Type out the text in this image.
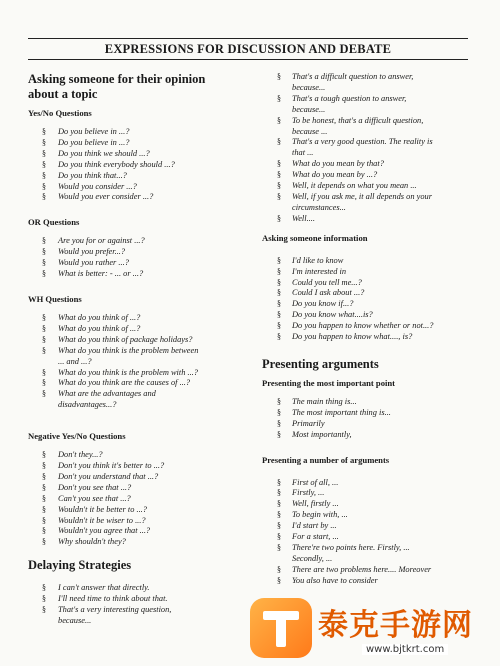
EXPRESSIONS FOR DISCUSSION AND DEBATE
Asking someone for their opinion
about a topic
Yes/No Questions
§ Do you believe in ...?
§ Do you believe in ...?
§ Do you think we should ...?
§ Do you think everybody should ...?
§ Do you think that...?
§ Would you consider ...?
§ Would you ever consider ...?
OR Questions
§ Are you for or against ...?
§ Would you prefer...?
§ Would you rather ...?
§ What is better: - ... or ...?
WH Questions
§ What do you think of ...?
§ What do you think of ...?
§ What do you think of package holidays?
§ What do you think is the problem between
... and ...?
§ What do you think is the problem with ...?
§ What do you think are the causes of ...?
§ What are the advantages and
disadvantages...?
Negative Yes/No Questions
§ Don't they...?
§ Don't you think it's better to ...?
§ Don't you understand that ...?
§ Don't you see that ...?
§ Can't you see that ...?
§ Wouldn't it be better to ...?
§ Wouldn't it be wiser to ...?
§ Wouldn't you agree that ...?
§ Why shouldn't they?
Delaying Strategies
§ I can't answer that directly.
§ I'll need time to think about that.
§ That's a very interesting question,
because...
§ That's a difficult question to answer,
because...
§ That's a tough question to answer,
because...
§ To be honest, that's a difficult question,
because ...
§ That's a very good question. The reality is
that ...
§ What do you mean by that?
§ What do you mean by ...?
§ Well, it depends on what you mean ...
§ Well, if you ask me, it all depends on your
circumstances...
§ Well....
Asking someone information
§ I'd like to know
§ I'm interested in
§ Could you tell me...?
§ Could I ask about ...?
§ Do you know if...?
§ Do you know what....is?
§ Do you happen to know whether or not...?
§ Do you happen to know what...., is?
Presenting arguments
Presenting the most important point
§ The main thing is...
§ The most important thing is...
§ Primarily
§ Most importantly,
Presenting a number of arguments
§ First of all, ...
§ Firstly, ...
§ Well, firstly ...
§ To begin with, ...
§ I'd start by ...
§ For a start, ...
§ There're two points here. Firstly, ...
Secondly, ...
§ There are two problems here.... Moreover
§ You also have to consider
泰克手游网
www.bjtkrt.com
